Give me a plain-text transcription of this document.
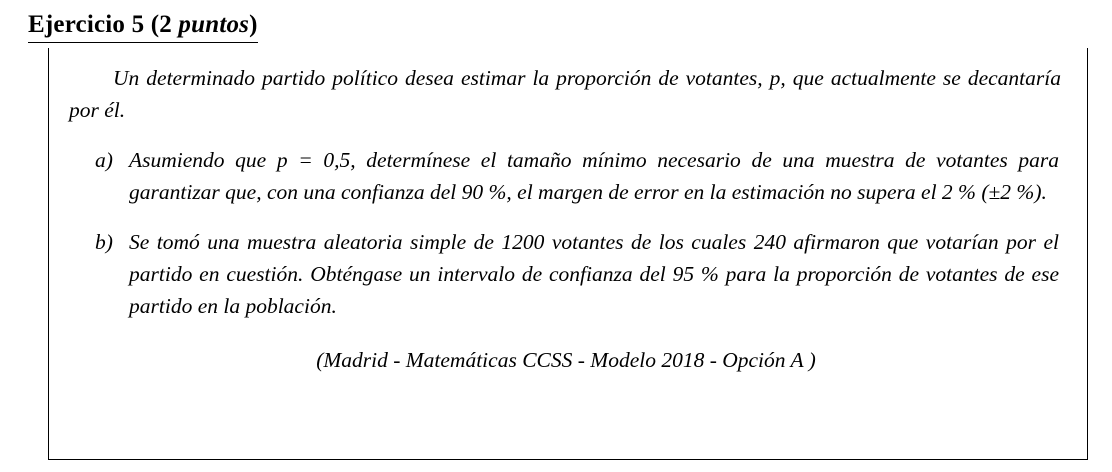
Ejercicio 5 (2 puntos)

Un determinado partido político desea estimar la proporción de votantes, p, que actualmente se decantaría por él.

a) Asumiendo que p = 0,5, determínese el tamaño mínimo necesario de una muestra de votantes para garantizar que, con una confianza del 90 %, el margen de error en la estimación no supera el 2 % (±2 %).
b) Se tomó una muestra aleatoria simple de 1200 votantes de los cuales 240 afirmaron que votarían por el partido en cuestión. Obténgase un intervalo de confianza del 95 % para la proporción de votantes de ese partido en la población.
(Madrid - Matemáticas CCSS - Modelo 2018 - Opción A )
